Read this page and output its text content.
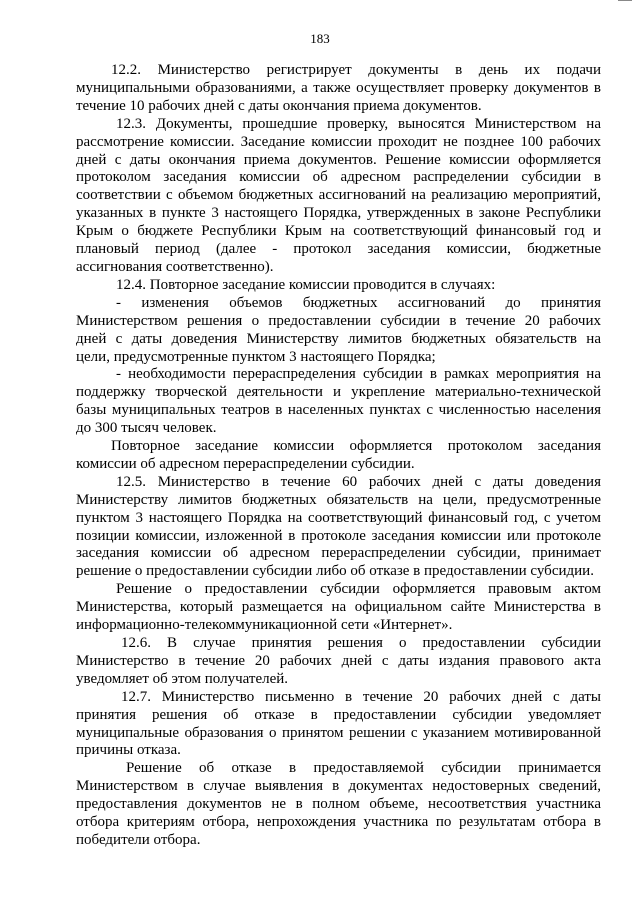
183
12.2. Министерство регистрирует документы в день их подачи
муниципальными образованиями, а также осуществляет проверку документов в
течение 10 рабочих дней с даты окончания приема документов.
12.3. Документы, прошедшие проверку, выносятся Министерством на
рассмотрение комиссии. Заседание комиссии проходит не позднее 100 рабочих
дней с даты окончания приема документов. Решение комиссии оформляется
протоколом заседания комиссии об адресном распределении субсидии в
соответствии с объемом бюджетных ассигнований на реализацию мероприятий,
указанных в пункте 3 настоящего Порядка, утвержденных в законе Республики
Крым о бюджете Республики Крым на соответствующий финансовый год и
плановый период (далее - протокол заседания комиссии, бюджетные
ассигнования соответственно).
12.4. Повторное заседание комиссии проводится в случаях:
- изменения объемов бюджетных ассигнований до принятия
Министерством решения о предоставлении субсидии в течение 20 рабочих
дней с даты доведения Министерству лимитов бюджетных обязательств на
цели, предусмотренные пунктом 3 настоящего Порядка;
- необходимости перераспределения субсидии в рамках мероприятия на
поддержку творческой деятельности и укрепление материально-технической
базы муниципальных театров в населенных пунктах с численностью населения
до 300 тысяч человек.
Повторное заседание комиссии оформляется протоколом заседания
комиссии об адресном перераспределении субсидии.
12.5. Министерство в течение 60 рабочих дней с даты доведения
Министерству лимитов бюджетных обязательств на цели, предусмотренные
пунктом 3 настоящего Порядка на соответствующий финансовый год, с учетом
позиции комиссии, изложенной в протоколе заседания комиссии или протоколе
заседания комиссии об адресном перераспределении субсидии, принимает
решение о предоставлении субсидии либо об отказе в предоставлении субсидии.
Решение о предоставлении субсидии оформляется правовым актом
Министерства, который размещается на официальном сайте Министерства в
информационно-телекоммуникационной сети «Интернет».
12.6. В случае принятия решения о предоставлении субсидии
Министерство в течение 20 рабочих дней с даты издания правового акта
уведомляет об этом получателей.
12.7. Министерство письменно в течение 20 рабочих дней с даты
принятия решения об отказе в предоставлении субсидии уведомляет
муниципальные образования о принятом решении с указанием мотивированной
причины отказа.
Решение об отказе в предоставляемой субсидии принимается
Министерством в случае выявления в документах недостоверных сведений,
предоставления документов не в полном объеме, несоответствия участника
отбора критериям отбора, непрохождения участника по результатам отбора в
победители отбора.
